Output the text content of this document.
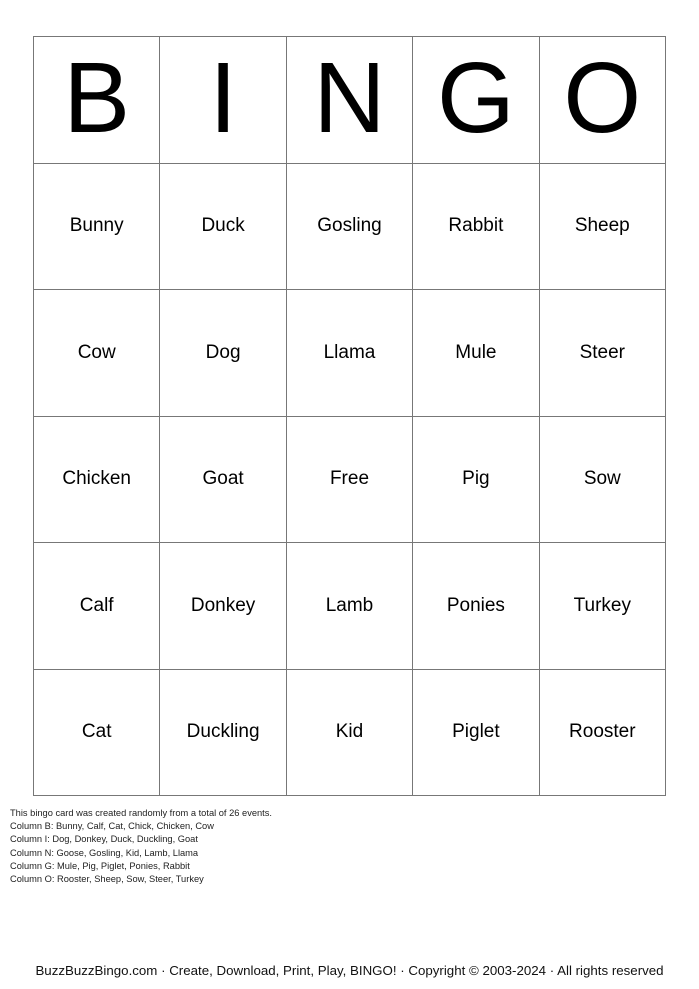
B I N G O
Bunny	Duck	Gosling	Rabbit	Sheep
Cow	Dog	Llama	Mule	Steer
Chicken	Goat	Free	Pig	Sow
Calf	Donkey	Lamb	Ponies	Turkey
Cat	Duckling	Kid	Piglet	Rooster
This bingo card was created randomly from a total of 26 events.
Column B: Bunny, Calf, Cat, Chick, Chicken, Cow
Column I: Dog, Donkey, Duck, Duckling, Goat
Column N: Goose, Gosling, Kid, Lamb, Llama
Column G: Mule, Pig, Piglet, Ponies, Rabbit
Column O: Rooster, Sheep, Sow, Steer, Turkey
BuzzBuzzBingo.com · Create, Download, Print, Play, BINGO! · Copyright © 2003-2024 · All rights reserved
